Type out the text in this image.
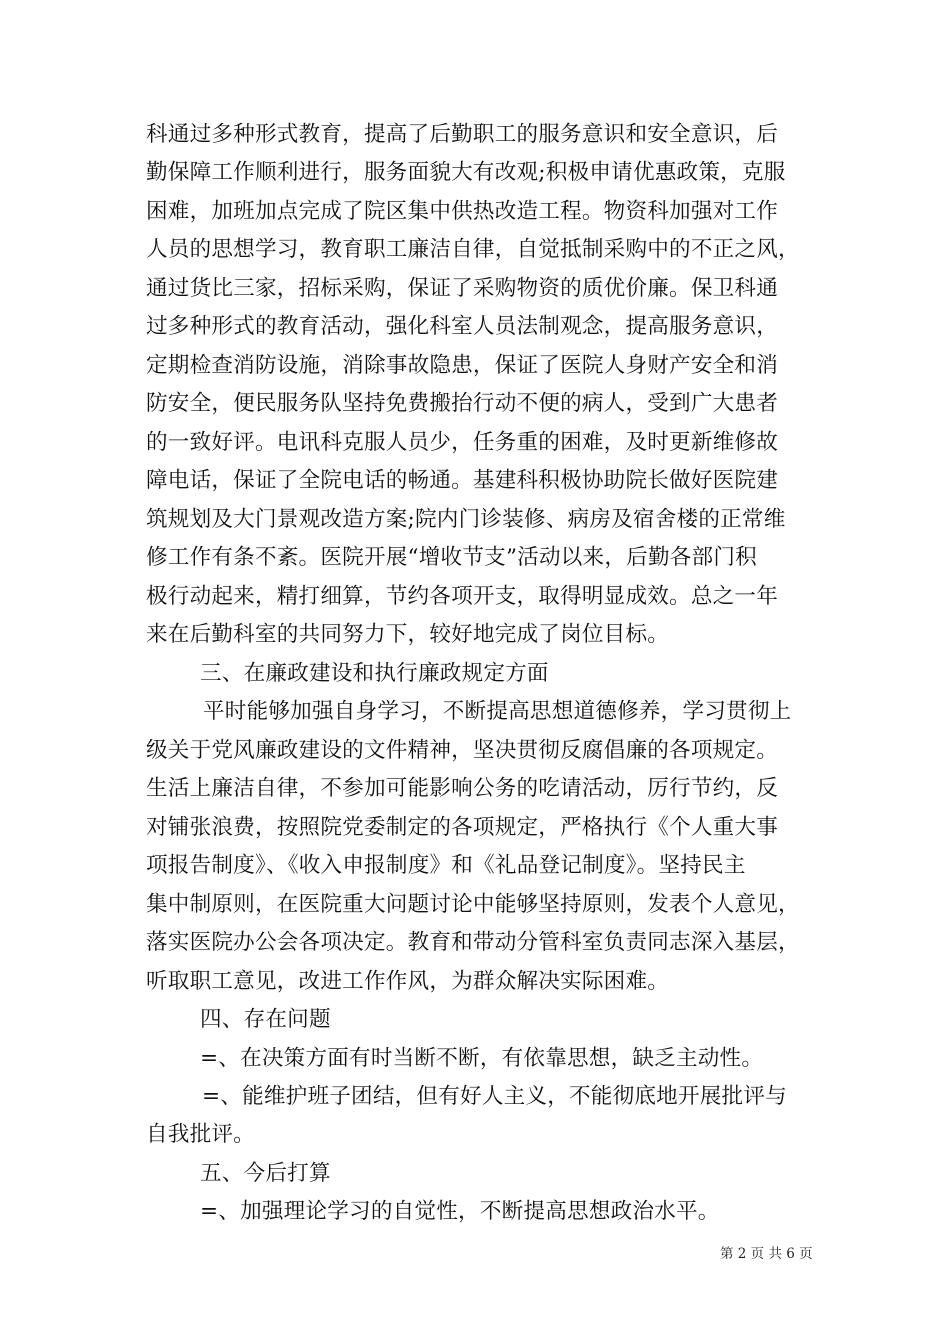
科通过多种形式教育，提高了后勤职工的服务意识和安全意识，后
勤保障工作顺利进行，服务面貌大有改观;积极申请优惠政策，克服
困难，加班加点完成了院区集中供热改造工程。物资科加强对工作
人员的思想学习，教育职工廉洁自律，自觉抵制采购中的不正之风，
通过货比三家，招标采购，保证了采购物资的质优价廉。保卫科通
过多种形式的教育活动，强化科室人员法制观念，提高服务意识，
定期检查消防设施，消除事故隐患，保证了医院人身财产安全和消
防安全，便民服务队坚持免费搬抬行动不便的病人，受到广大患者
的一致好评。电讯科克服人员少，任务重的困难，及时更新维修故
障电话，保证了全院电话的畅通。基建科积极协助院长做好医院建
筑规划及大门景观改造方案;院内门诊装修、病房及宿舍楼的正常维
修工作有条不紊。医院开展“增收节支”活动以来，后勤各部门积
极行动起来，精打细算，节约各项开支，取得明显成效。总之一年
来在后勤科室的共同努力下，较好地完成了岗位目标。
三、在廉政建设和执行廉政规定方面
平时能够加强自身学习，不断提高思想道德修养，学习贯彻上
级关于党风廉政建设的文件精神，坚决贯彻反腐倡廉的各项规定。
生活上廉洁自律，不参加可能影响公务的吃请活动，厉行节约，反
对铺张浪费，按照院党委制定的各项规定，严格执行《个人重大事
项报告制度》、《收入申报制度》和《礼品登记制度》。坚持民主
集中制原则，在医院重大问题讨论中能够坚持原则，发表个人意见，
落实医院办公会各项决定。教育和带动分管科室负责同志深入基层，
听取职工意见，改进工作作风，为群众解决实际困难。
四、存在问题
=、在决策方面有时当断不断，有依靠思想，缺乏主动性。
=、能维护班子团结，但有好人主义，不能彻底地开展批评与
自我批评。
五、今后打算
=、加强理论学习的自觉性，不断提高思想政治水平。
第 2 页 共 6 页
